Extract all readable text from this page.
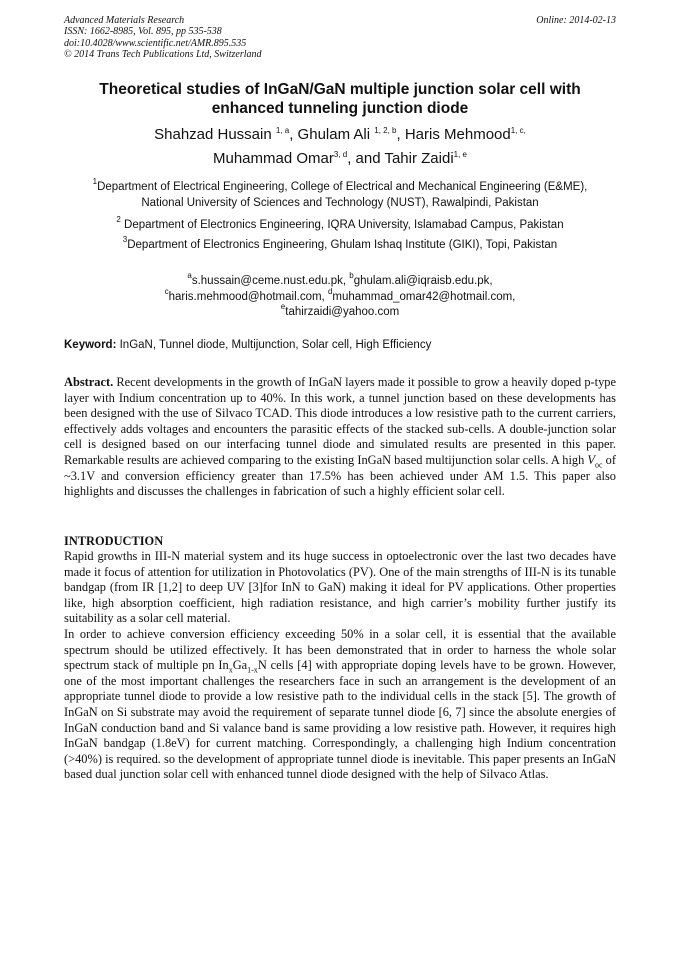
Advanced Materials Research
ISSN: 1662-8985, Vol. 895, pp 535-538
doi:10.4028/www.scientific.net/AMR.895.535
© 2014 Trans Tech Publications Ltd, Switzerland
Online: 2014-02-13
Theoretical studies of InGaN/GaN multiple junction solar cell with
enhanced tunneling junction diode
Shahzad Hussain $^{1, a}$, Ghulam Ali $^{1, 2, b}$, Haris Mehmood$^{1, c,}$
Muhammad Omar$^{3, d}$, and Tahir Zaidi$^{1, e}$
$^1$Department of Electrical Engineering, College of Electrical and Mechanical Engineering (E&ME),
National University of Sciences and Technology (NUST), Rawalpindi, Pakistan
$^2$ Department of Electronics Engineering, IQRA University, Islamabad Campus, Pakistan
$^3$Department of Electronics Engineering, Ghulam Ishaq Institute (GIKI), Topi, Pakistan
$^a$s.hussain@ceme.nust.edu.pk, $^b$ghulam.ali@iqraisb.edu.pk,
$^c$haris.mehmood@hotmail.com, $^d$muhammad_omar42@hotmail.com,
$^e$tahirzaidi@yahoo.com
Keyword: InGaN, Tunnel diode, Multijunction, Solar cell, High Efficiency
Abstract. Recent developments in the growth of InGaN layers made it possible to grow a heavily doped p-type layer with Indium concentration up to 40%. In this work, a tunnel junction based on these developments has been designed with the use of Silvaco TCAD. This diode introduces a low resistive path to the current carriers, effectively adds voltages and encounters the parasitic effects of the stacked sub-cells. A double-junction solar cell is designed based on our interfacing tunnel diode and simulated results are presented in this paper. Remarkable results are achieved comparing to the existing InGaN based multijunction solar cells. A high $V_{oc}$ of ~3.1V and conversion efficiency greater than 17.5% has been achieved under AM 1.5. This paper also highlights and discusses the challenges in fabrication of such a highly efficient solar cell.
INTRODUCTION

Rapid growths in III-N material system and its huge success in optoelectronic over the last two decades have made it focus of attention for utilization in Photovolatics (PV). One of the main strengths of III-N is its tunable bandgap (from IR [1,2] to deep UV [3]for InN to GaN) making it ideal for PV applications. Other properties like, high absorption coefficient, high radiation resistance, and high carrier’s mobility further justify its suitability as a solar cell material.

In order to achieve conversion efficiency exceeding 50% in a solar cell, it is essential that the available spectrum should be utilized effectively. It has been demonstrated that in order to harness the whole solar spectrum stack of multiple pn $In_xGa_{1-x}N$ cells [4] with appropriate doping levels have to be grown. However, one of the most important challenges the researchers face in such an arrangement is the development of an appropriate tunnel diode to provide a low resistive path to the individual cells in the stack [5]. The growth of InGaN on Si substrate may avoid the requirement of separate tunnel diode [6, 7] since the absolute energies of InGaN conduction band and Si valance band is same providing a low resistive path. However, it requires high InGaN bandgap (1.8eV) for current matching. Correspondingly, a challenging high Indium concentration (>40%) is required. so the development of appropriate tunnel diode is inevitable. This paper presents an InGaN based dual junction solar cell with enhanced tunnel diode designed with the help of Silvaco Atlas.
